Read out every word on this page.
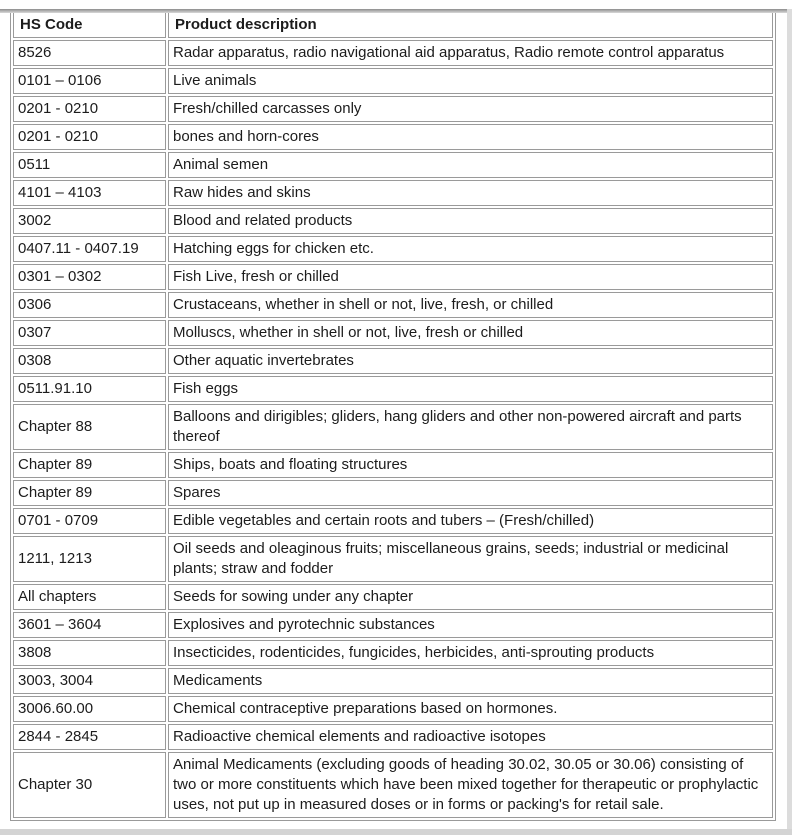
HS Code	Product description
8526	Radar apparatus, radio navigational aid apparatus, Radio remote control apparatus
0101 – 0106	Live animals
0201 - 0210	Fresh/chilled carcasses only
0201 - 0210	bones and horn-cores
0511	Animal semen
4101 – 4103	Raw hides and skins
3002	Blood and related products
0407.11 - 0407.19	Hatching eggs for chicken etc.
0301 – 0302	Fish Live, fresh or chilled
0306	Crustaceans, whether in shell or not, live, fresh, or chilled
0307	Molluscs, whether in shell or not, live, fresh or chilled
0308	Other aquatic invertebrates
0511.91.10	Fish eggs
Chapter 88	Balloons and dirigibles; gliders, hang gliders and other non-powered aircraft and parts thereof
Chapter 89	Ships, boats and floating structures
Chapter 89	Spares
0701 - 0709	Edible vegetables and certain roots and tubers – (Fresh/chilled)
1211, 1213	Oil seeds and oleaginous fruits; miscellaneous grains, seeds; industrial or medicinal plants; straw and fodder
All chapters	Seeds for sowing under any chapter
3601 – 3604	Explosives and pyrotechnic substances
3808	Insecticides, rodenticides, fungicides, herbicides, anti-sprouting products
3003, 3004	Medicaments
3006.60.00	Chemical contraceptive preparations based on hormones.
2844 - 2845	Radioactive chemical elements and radioactive isotopes
Chapter 30	Animal Medicaments (excluding goods of heading 30.02, 30.05 or 30.06) consisting of two or more constituents which have been mixed together for therapeutic or prophylactic uses, not put up in measured doses or in forms or packing's for retail sale.
